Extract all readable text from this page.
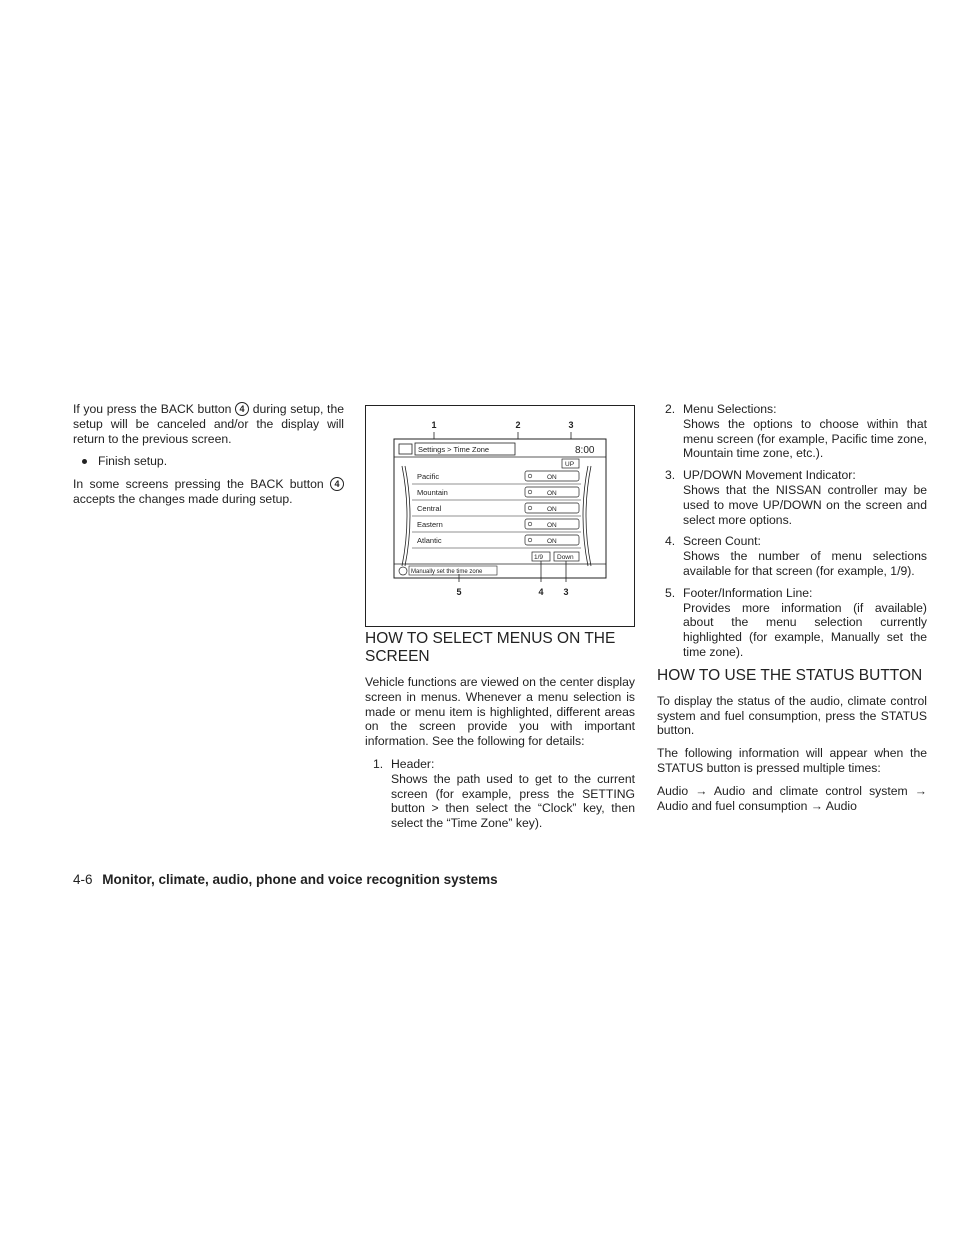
If you press the BACK button 4 during setup, the setup will be canceled and/or the display will return to the previous screen.

Finish setup.

In some screens pressing the BACK button 4 accepts the changes made during setup.

1	2	3
Settings > Time Zone	8:00
UP
Pacific	ON
Mountain	ON
Central	ON
Eastern	ON
Atlantic	ON
1/9 Down
Manually set the time zone
5	4 3
HOW TO SELECT MENUS ON THE SCREEN

Vehicle functions are viewed on the center display screen in menus. Whenever a menu selection is made or menu item is highlighted, different areas on the screen provide you with important information. See the following for details:

1. Header:
Shows the path used to get to the current screen (for example, press the SETTING button > then select the “Clock” key, then select the “Time Zone” key).
2. Menu Selections:
Shows the options to choose within that menu screen (for example, Pacific time zone, Mountain time zone, etc.).
3. UP/DOWN Movement Indicator:
Shows that the NISSAN controller may be used to move UP/DOWN on the screen and select more options.
4. Screen Count:
Shows the number of menu selections available for that screen (for example, 1/9).
5. Footer/Information Line:
Provides more information (if available) about the menu selection currently highlighted (for example, Manually set the time zone).
HOW TO USE THE STATUS BUTTON

To display the status of the audio, climate control system and fuel consumption, press the STATUS button.

The following information will appear when the STATUS button is pressed multiple times:

Audio → Audio and climate control system → Audio and fuel consumption → Audio

4-6 Monitor, climate, audio, phone and voice recognition systems
